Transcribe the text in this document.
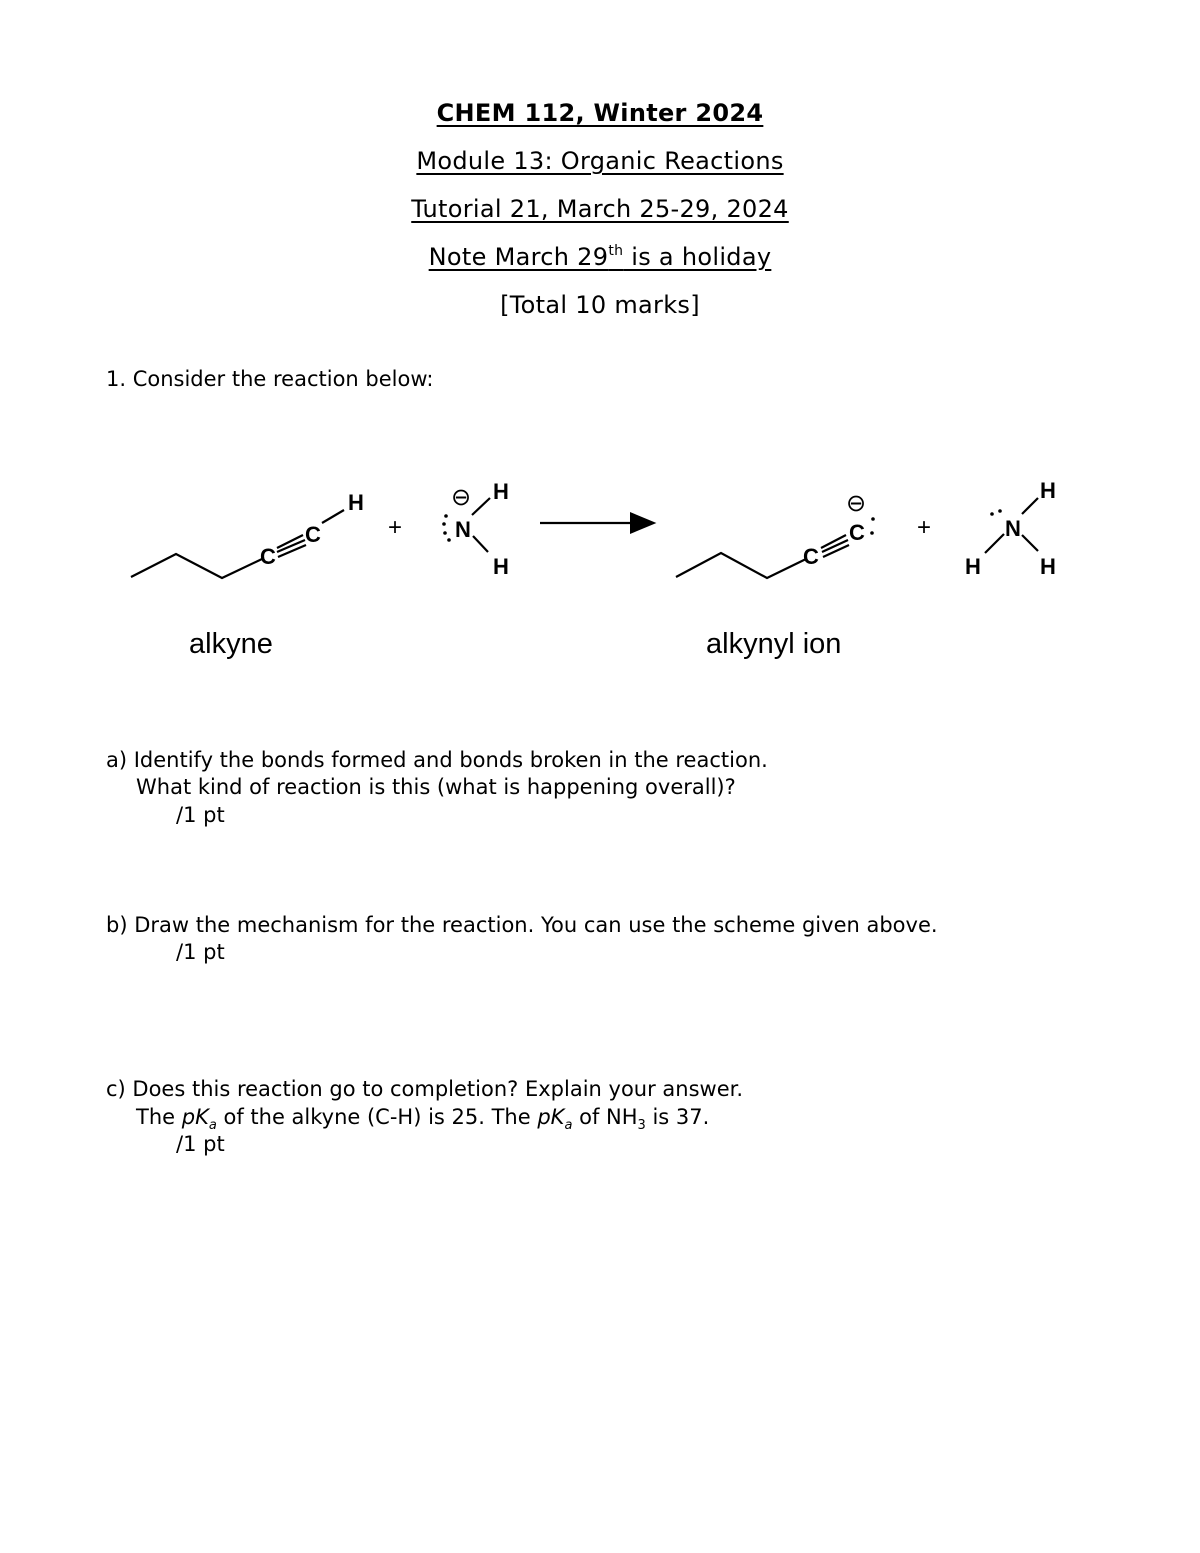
CHEM 112, Winter 2024
Module 13: Organic Reactions
Tutorial 21, March 25-29, 2024
Note March 29th is a holiday
[Total 10 marks]
1. Consider the reaction below:
C
C
H
+
⊖
N
H
H	C
C
⊖
+	N
H
H	H
alkyne	alkynyl ion
a) Identify the bonds formed and bonds broken in the reaction.
What kind of reaction is this (what is happening overall)?
/1 pt
b) Draw the mechanism for the reaction. You can use the scheme given above.
/1 pt
c) Does this reaction go to completion? Explain your answer.
The $pK_a$ of the alkyne (C-H) is 25. The $pK_a$ of $NH_3$ is 37.
/1 pt
